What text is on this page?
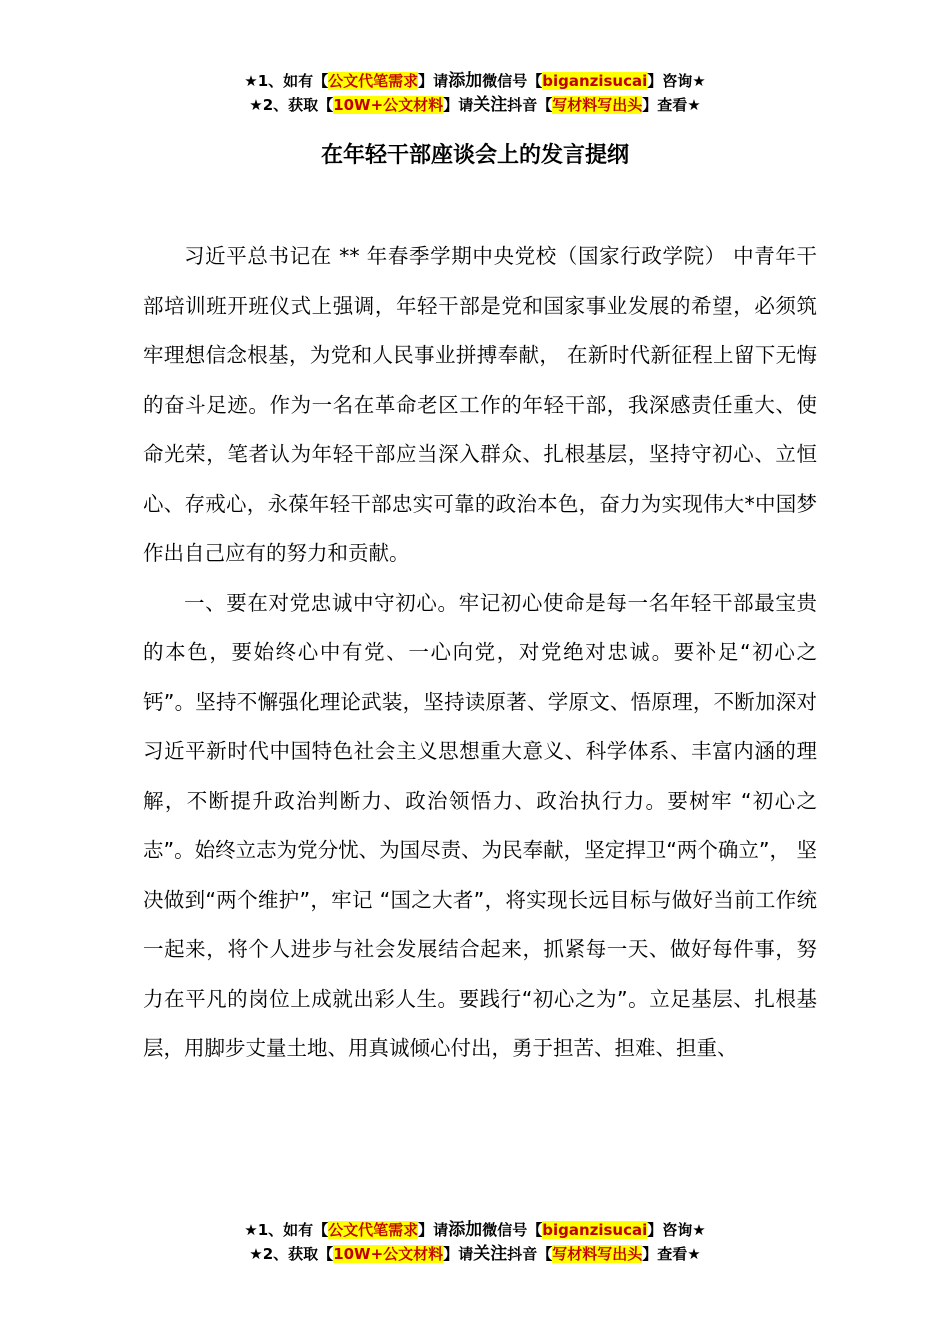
★1、如有【公文代笔需求】请添加微信号【biganzisucai】咨询★
★2、获取【10W+公文材料】请关注抖音【写材料写出头】查看★
在年轻干部座谈会上的发言提纲

习近平总书记在 ** 年春季学期中央党校（国家行政学院） 中青年干部培训班开班仪式上强调，年轻干部是党和国家事业发展的希望，必须筑牢理想信念根基，为党和人民事业拼搏奉献， 在新时代新征程上留下无悔的奋斗足迹。作为一名在革命老区工作的年轻干部，我深感责任重大、使命光荣，笔者认为年轻干部应当深入群众、扎根基层，坚持守初心、立恒心、存戒心，永葆年轻干部忠实可靠的政治本色，奋力为实现伟大*中国梦作出自己应有的努力和贡献。

一、要在对党忠诚中守初心。牢记初心使命是每一名年轻干部最宝贵的本色，要始终心中有党、一心向党，对党绝对忠诚。要补足“初心之钙”。坚持不懈强化理论武装，坚持读原著、学原文、悟原理，不断加深对习近平新时代中国特色社会主义思想重大意义、科学体系、丰富内涵的理解，不断提升政治判断力、政治领悟力、政治执行力。要树牢 “初心之志”。始终立志为党分忧、为国尽责、为民奉献，坚定捍卫“两个确立”， 坚决做到“两个维护”，牢记 “国之大者”，将实现长远目标与做好当前工作统一起来，将个人进步与社会发展结合起来，抓紧每一天、做好每件事，努力在平凡的岗位上成就出彩人生。要践行“初心之为”。立足基层、扎根基层，用脚步丈量土地、用真诚倾心付出，勇于担苦、担难、担重、

★1、如有【公文代笔需求】请添加微信号【biganzisucai】咨询★
★2、获取【10W+公文材料】请关注抖音【写材料写出头】查看★
